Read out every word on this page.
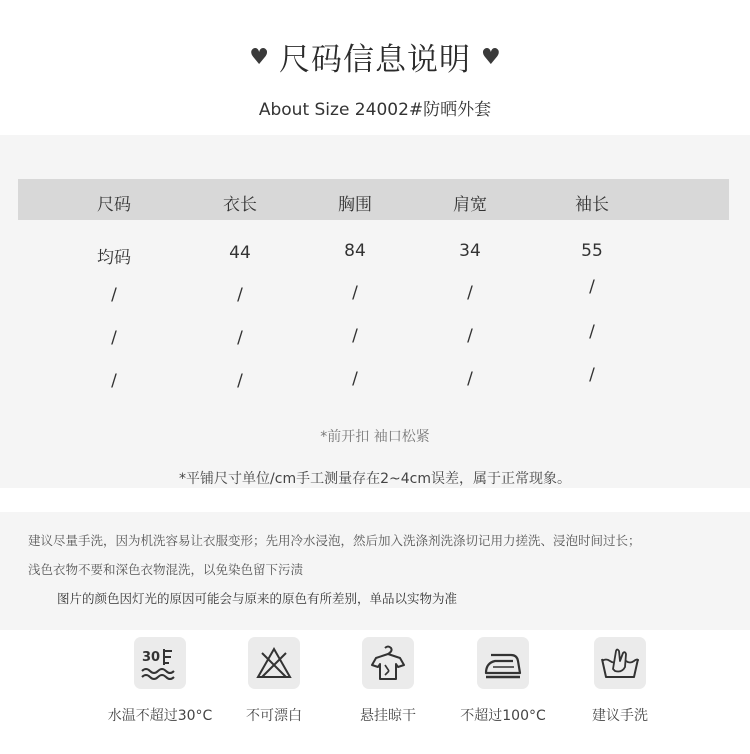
♥ 尺码信息说明 ♥
About Size 24002#防晒外套
尺码	衣长	胸围	肩宽	袖长
均码	44	84	34	55
/	/	/	/	/
/	/	/	/	/
/	/	/	/	/
*前开扣 袖口松紧
*平铺尺寸单位/cm手工测量存在2~4cm误差，属于正常现象。
建议尽量手洗，因为机洗容易让衣服变形；先用冷水浸泡，然后加入洗涤剂洗涤切记用力搓洗、浸泡时间过长；
浅色衣物不要和深色衣物混洗，以免染色留下污渍
图片的颜色因灯光的原因可能会与原来的原色有所差别，单品以实物为准
30
水温不超过30°C	不可漂白	悬挂晾干	不超过100°C	建议手洗
